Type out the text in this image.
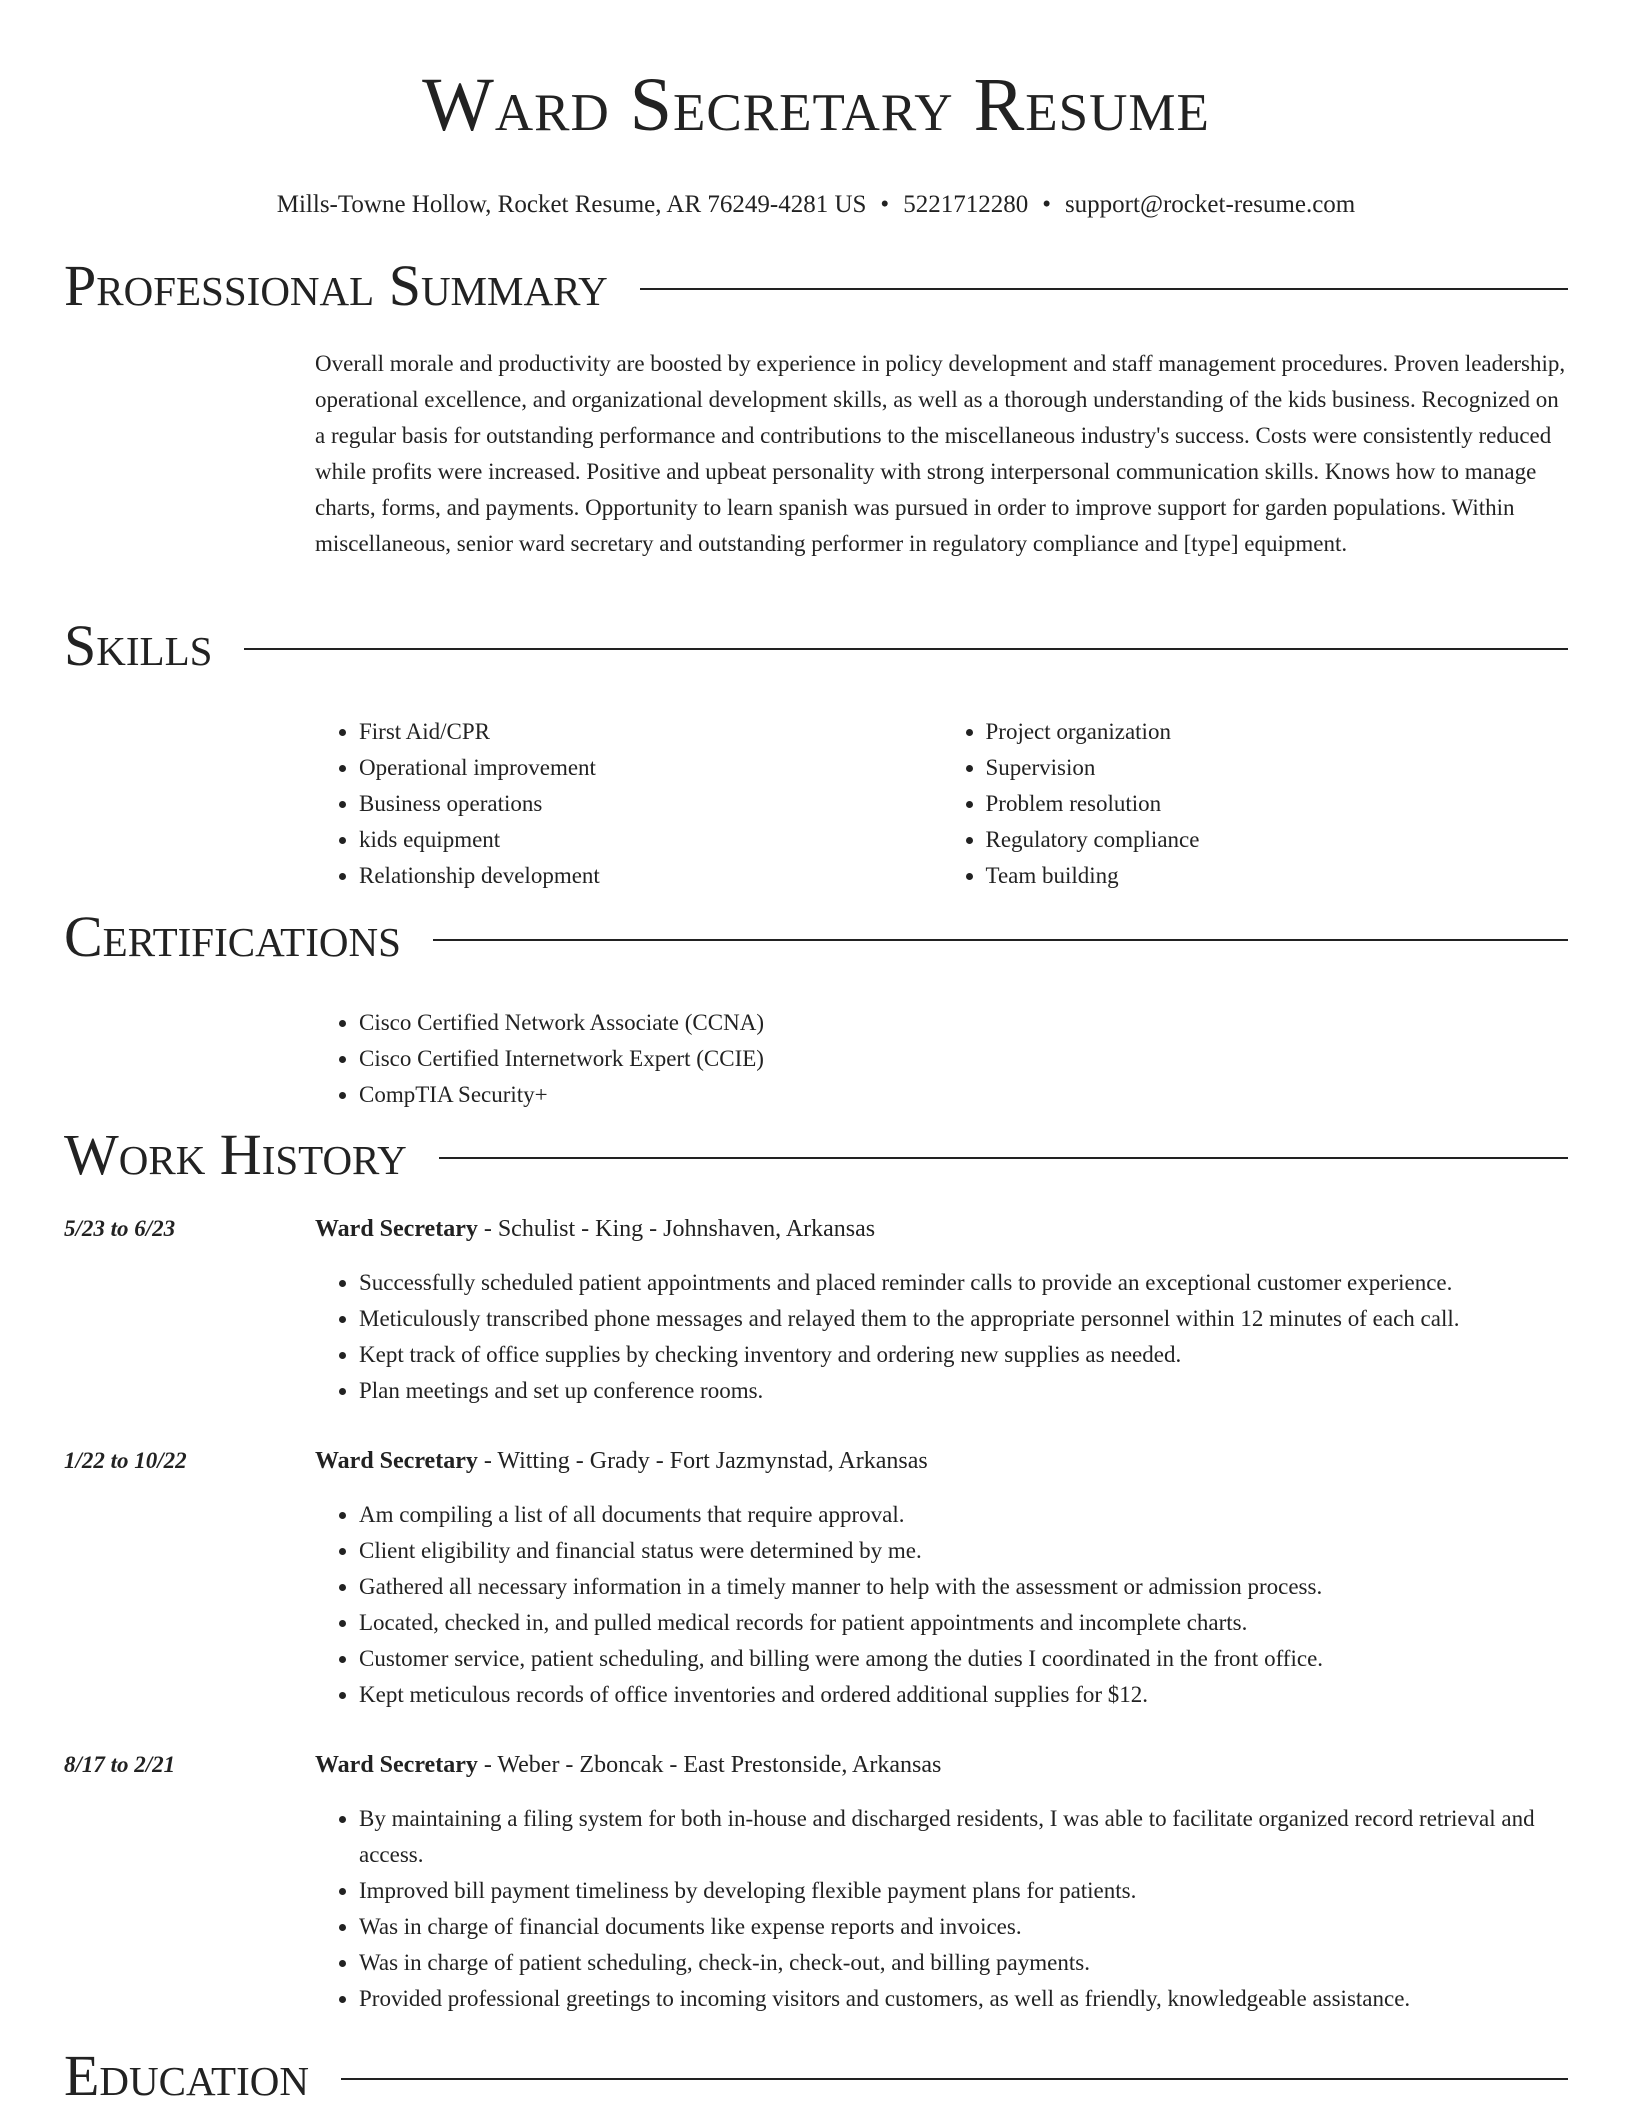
Ward Secretary Resume
Mills-Towne Hollow, Rocket Resume, AR 76249-4281 US • 5221712280 • support@rocket-resume.com
Professional Summary
Overall morale and productivity are boosted by experience in policy development and staff management procedures. Proven leadership, operational excellence, and organizational development skills, as well as a thorough understanding of the kids business. Recognized on a regular basis for outstanding performance and contributions to the miscellaneous industry's success. Costs were consistently reduced while profits were increased. Positive and upbeat personality with strong interpersonal communication skills. Knows how to manage charts, forms, and payments. Opportunity to learn spanish was pursued in order to improve support for garden populations. Within miscellaneous, senior ward secretary and outstanding performer in regulatory compliance and [type] equipment.
Skills
• First Aid/CPR
• Operational improvement
• Business operations
• kids equipment
• Relationship development
• Project organization
• Supervision
• Problem resolution
• Regulatory compliance
• Team building
Certifications
• Cisco Certified Network Associate (CCNA)
• Cisco Certified Internetwork Expert (CCIE)
• CompTIA Security+
Work History
5/23 to 6/23	Ward Secretary - Schulist - King - Johnshaven, Arkansas
• Successfully scheduled patient appointments and placed reminder calls to provide an exceptional customer experience.
• Meticulously transcribed phone messages and relayed them to the appropriate personnel within 12 minutes of each call.
• Kept track of office supplies by checking inventory and ordering new supplies as needed.
• Plan meetings and set up conference rooms.
1/22 to 10/22	Ward Secretary - Witting - Grady - Fort Jazmynstad, Arkansas
• Am compiling a list of all documents that require approval.
• Client eligibility and financial status were determined by me.
• Gathered all necessary information in a timely manner to help with the assessment or admission process.
• Located, checked in, and pulled medical records for patient appointments and incomplete charts.
• Customer service, patient scheduling, and billing were among the duties I coordinated in the front office.
• Kept meticulous records of office inventories and ordered additional supplies for $12.
8/17 to 2/21	Ward Secretary - Weber - Zboncak - East Prestonside, Arkansas
• By maintaining a filing system for both in-house and discharged residents, I was able to facilitate organized record retrieval and access.
• Improved bill payment timeliness by developing flexible payment plans for patients.
• Was in charge of financial documents like expense reports and invoices.
• Was in charge of patient scheduling, check-in, check-out, and billing payments.
• Provided professional greetings to incoming visitors and customers, as well as friendly, knowledgeable assistance.
Education
